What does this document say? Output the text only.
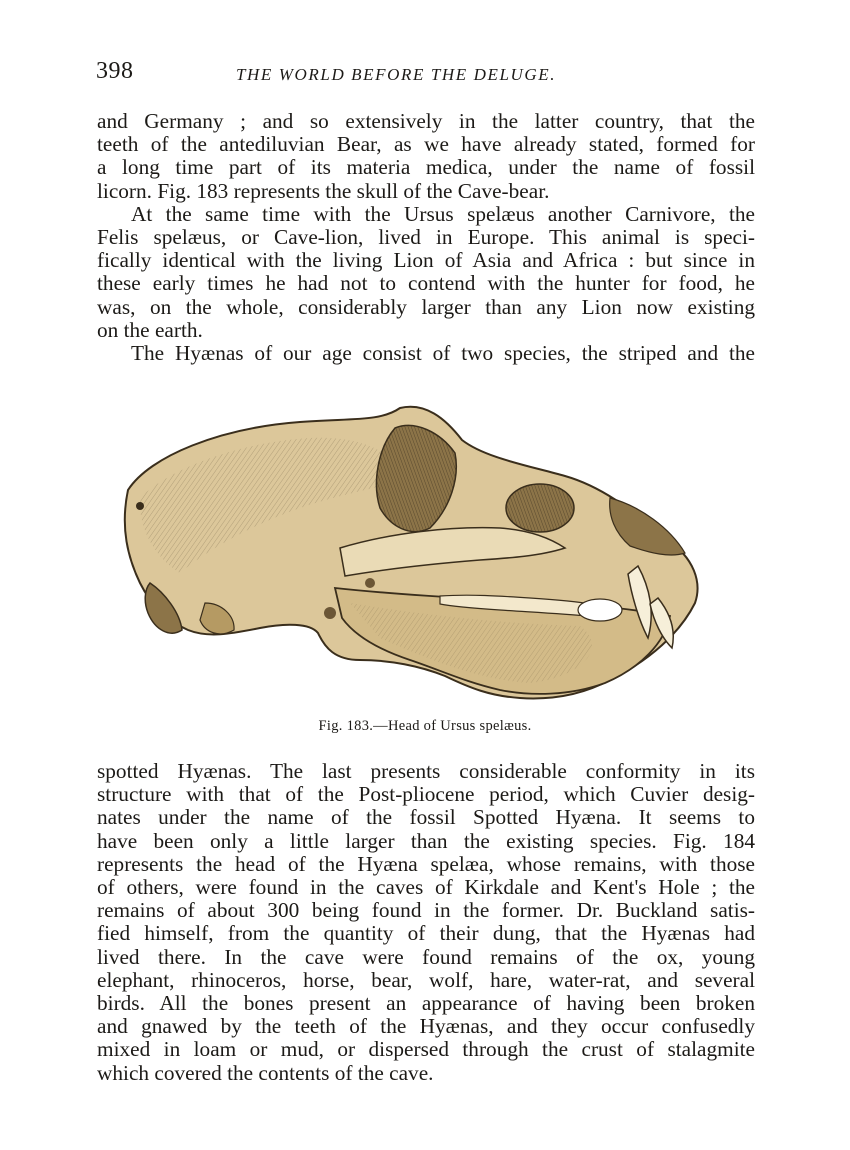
398	THE WORLD BEFORE THE DELUGE.
and Germany ; and so extensively in the latter country, that the
teeth of the antediluvian Bear, as we have already stated, formed for
a long time part of its materia medica, under the name of fossil
licorn. Fig. 183 represents the skull of the Cave-bear.
At the same time with the Ursus spelæus another Carnivore, the
Felis spelæus, or Cave-lion, lived in Europe. This animal is speci-
fically identical with the living Lion of Asia and Africa : but since in
these early times he had not to contend with the hunter for food, he
was, on the whole, considerably larger than any Lion now existing
on the earth.
The Hyænas of our age consist of two species, the striped and the
Fig. 183.—Head of Ursus spelæus.
spotted Hyænas. The last presents considerable conformity in its
structure with that of the Post-pliocene period, which Cuvier desig-
nates under the name of the fossil Spotted Hyæna. It seems to
have been only a little larger than the existing species. Fig. 184
represents the head of the Hyæna spelæa, whose remains, with those
of others, were found in the caves of Kirkdale and Kent's Hole ; the
remains of about 300 being found in the former. Dr. Buckland satis-
fied himself, from the quantity of their dung, that the Hyænas had
lived there. In the cave were found remains of the ox, young
elephant, rhinoceros, horse, bear, wolf, hare, water-rat, and several
birds. All the bones present an appearance of having been broken
and gnawed by the teeth of the Hyænas, and they occur confusedly
mixed in loam or mud, or dispersed through the crust of stalagmite
which covered the contents of the cave.
